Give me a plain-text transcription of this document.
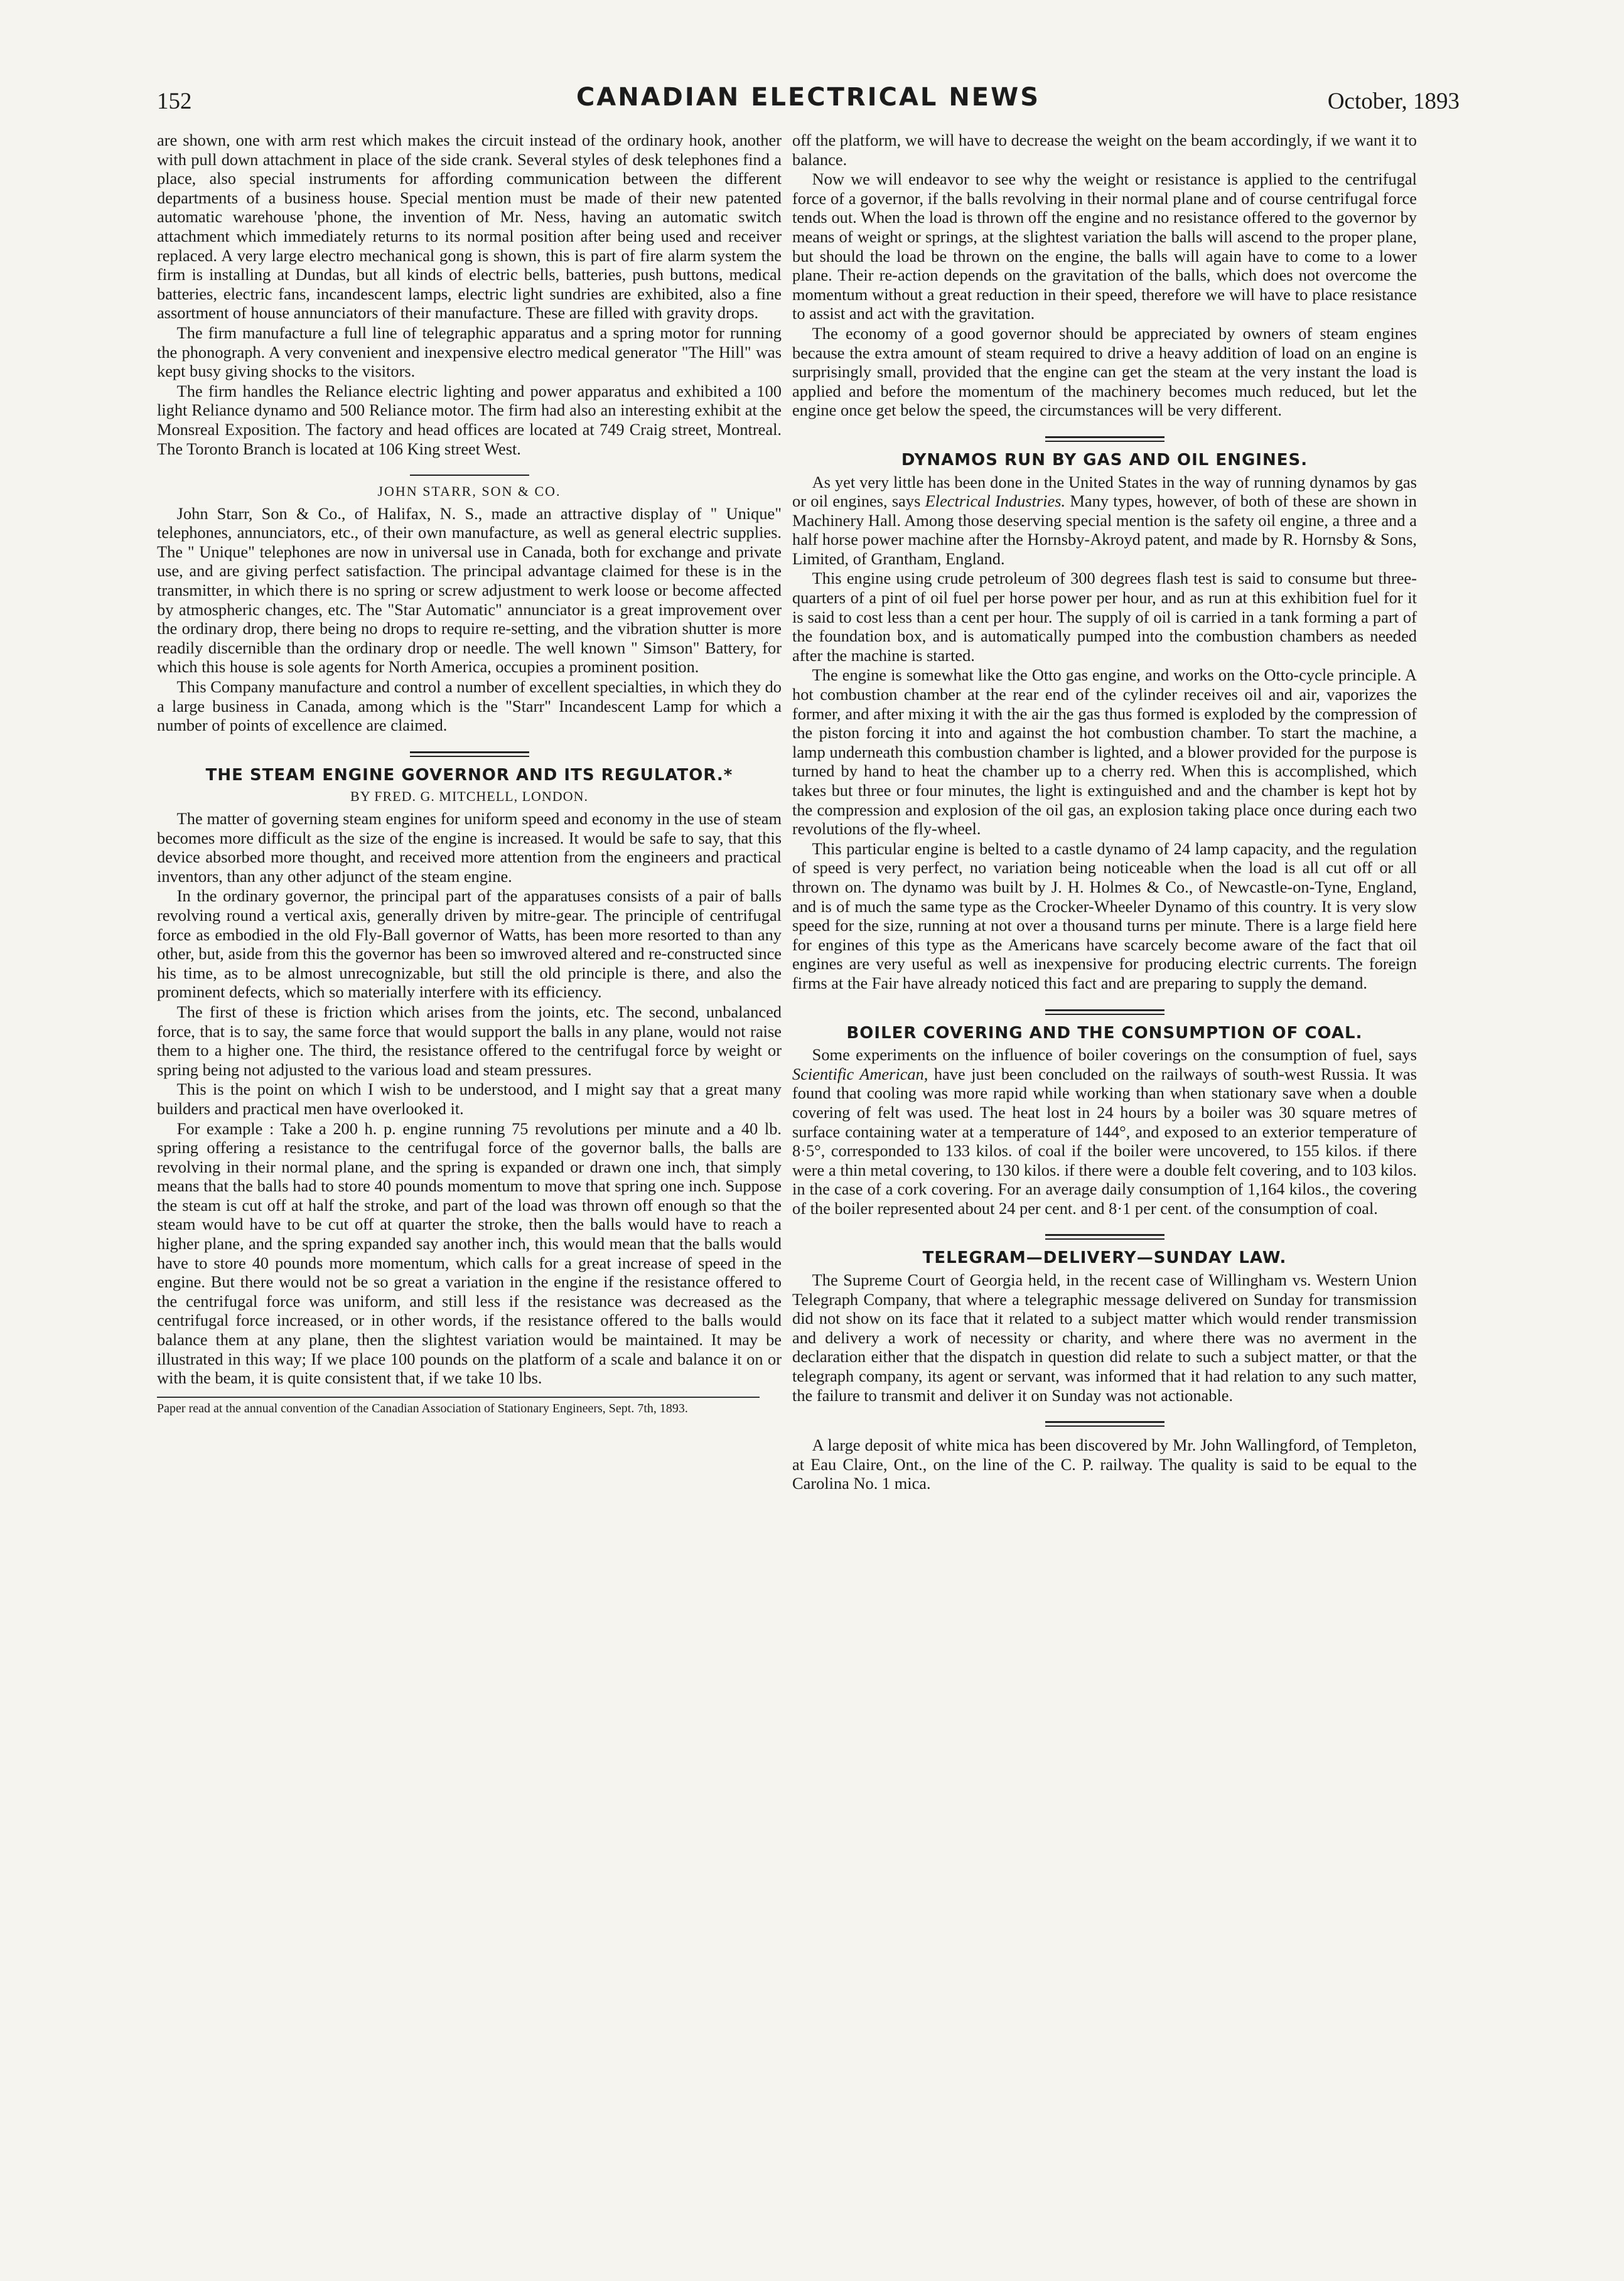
152	CANADIAN ELECTRICAL NEWS	October, 1893

are shown, one with arm rest which makes the circuit instead of the ordinary hook, another with pull down attachment in place of the side crank. Several styles of desk telephones find a place, also special instruments for affording communication between the different departments of a business house. Special mention must be made of their new patented automatic warehouse 'phone, the invention of Mr. Ness, having an automatic switch attachment which immediately returns to its normal position after being used and receiver replaced. A very large electro mechanical gong is shown, this is part of fire alarm system the firm is installing at Dundas, but all kinds of electric bells, batteries, push buttons, medical batteries, electric fans, incandescent lamps, electric light sundries are exhibited, also a fine assortment of house annunciators of their manufacture. These are filled with gravity drops.

The firm manufacture a full line of telegraphic apparatus and a spring motor for running the phonograph. A very convenient and inexpensive electro medical generator "The Hill" was kept busy giving shocks to the visitors.

The firm handles the Reliance electric lighting and power apparatus and exhibited a 100 light Reliance dynamo and 500 Reliance motor. The firm had also an interesting exhibit at the Monsreal Exposition. The factory and head offices are located at 749 Craig street, Montreal. The Toronto Branch is located at 106 King street West.

JOHN STARR, SON & CO.

John Starr, Son & Co., of Halifax, N. S., made an attractive display of " Unique" telephones, annunciators, etc., of their own manufacture, as well as general electric supplies. The " Unique" telephones are now in universal use in Canada, both for exchange and private use, and are giving perfect satisfaction. The principal advantage claimed for these is in the transmitter, in which there is no spring or screw adjustment to werk loose or become affected by atmospheric changes, etc. The "Star Automatic" annunciator is a great improvement over the ordinary drop, there being no drops to require re-setting, and the vibration shutter is more readily discernible than the ordinary drop or needle. The well known " Simson" Battery, for which this house is sole agents for North America, occupies a prominent position.

This Company manufacture and control a number of excellent specialties, in which they do a large business in Canada, among which is the "Starr" Incandescent Lamp for which a number of points of excellence are claimed.

THE STEAM ENGINE GOVERNOR AND ITS REGULATOR.*

BY FRED. G. MITCHELL, LONDON.

The matter of governing steam engines for uniform speed and economy in the use of steam becomes more difficult as the size of the engine is increased. It would be safe to say, that this device absorbed more thought, and received more attention from the engineers and practical inventors, than any other adjunct of the steam engine.

In the ordinary governor, the principal part of the apparatuses consists of a pair of balls revolving round a vertical axis, generally driven by mitre-gear. The principle of centrifugal force as embodied in the old Fly-Ball governor of Watts, has been more resorted to than any other, but, aside from this the governor has been so imwroved altered and re-constructed since his time, as to be almost unrecognizable, but still the old principle is there, and also the prominent defects, which so materially interfere with its efficiency.

The first of these is friction which arises from the joints, etc. The second, unbalanced force, that is to say, the same force that would support the balls in any plane, would not raise them to a higher one. The third, the resistance offered to the centrifugal force by weight or spring being not adjusted to the various load and steam pressures.

This is the point on which I wish to be understood, and I might say that a great many builders and practical men have overlooked it.

For example : Take a 200 h. p. engine running 75 revolutions per minute and a 40 lb. spring offering a resistance to the centrifugal force of the governor balls, the balls are revolving in their normal plane, and the spring is expanded or drawn one inch, that simply means that the balls had to store 40 pounds momentum to move that spring one inch. Suppose the steam is cut off at half the stroke, and part of the load was thrown off enough so that the steam would have to be cut off at quarter the stroke, then the balls would have to reach a higher plane, and the spring expanded say another inch, this would mean that the balls would have to store 40 pounds more momentum, which calls for a great increase of speed in the engine. But there would not be so great a variation in the engine if the resistance offered to the centrifugal force was uniform, and still less if the resistance was decreased as the centrifugal force increased, or in other words, if the resistance offered to the balls would balance them at any plane, then the slightest variation would be maintained. It may be illustrated in this way; If we place 100 pounds on the platform of a scale and balance it on or with the beam, it is quite consistent that, if we take 10 lbs.

Paper read at the annual convention of the Canadian Association of Stationary Engineers, Sept. 7th, 1893.

off the platform, we will have to decrease the weight on the beam accordingly, if we want it to balance.

Now we will endeavor to see why the weight or resistance is applied to the centrifugal force of a governor, if the balls revolving in their normal plane and of course centrifugal force tends out. When the load is thrown off the engine and no resistance offered to the governor by means of weight or springs, at the slightest variation the balls will ascend to the proper plane, but should the load be thrown on the engine, the balls will again have to come to a lower plane. Their re-action depends on the gravitation of the balls, which does not overcome the momentum without a great reduction in their speed, therefore we will have to place resistance to assist and act with the gravitation.

The economy of a good governor should be appreciated by owners of steam engines because the extra amount of steam required to drive a heavy addition of load on an engine is surprisingly small, provided that the engine can get the steam at the very instant the load is applied and before the momentum of the machinery becomes much reduced, but let the engine once get below the speed, the circumstances will be very different.

DYNAMOS RUN BY GAS AND OIL ENGINES.

As yet very little has been done in the United States in the way of running dynamos by gas or oil engines, says Electrical Industries. Many types, however, of both of these are shown in Machinery Hall. Among those deserving special mention is the safety oil engine, a three and a half horse power machine after the Hornsby-Akroyd patent, and made by R. Hornsby & Sons, Limited, of Grantham, England.

This engine using crude petroleum of 300 degrees flash test is said to consume but three-quarters of a pint of oil fuel per horse power per hour, and as run at this exhibition fuel for it is said to cost less than a cent per hour. The supply of oil is carried in a tank forming a part of the foundation box, and is automatically pumped into the combustion chambers as needed after the machine is started.

The engine is somewhat like the Otto gas engine, and works on the Otto-cycle principle. A hot combustion chamber at the rear end of the cylinder receives oil and air, vaporizes the former, and after mixing it with the air the gas thus formed is exploded by the compression of the piston forcing it into and against the hot combustion chamber. To start the machine, a lamp underneath this combustion chamber is lighted, and a blower provided for the purpose is turned by hand to heat the chamber up to a cherry red. When this is accomplished, which takes but three or four minutes, the light is extinguished and and the chamber is kept hot by the compression and explosion of the oil gas, an explosion taking place once during each two revolutions of the fly-wheel.

This particular engine is belted to a castle dynamo of 24 lamp capacity, and the regulation of speed is very perfect, no variation being noticeable when the load is all cut off or all thrown on. The dynamo was built by J. H. Holmes & Co., of Newcastle-on-Tyne, England, and is of much the same type as the Crocker-Wheeler Dynamo of this country. It is very slow speed for the size, running at not over a thousand turns per minute. There is a large field here for engines of this type as the Americans have scarcely become aware of the fact that oil engines are very useful as well as inexpensive for producing electric currents. The foreign firms at the Fair have already noticed this fact and are preparing to supply the demand.

BOILER COVERING AND THE CONSUMPTION OF COAL.

Some experiments on the influence of boiler coverings on the consumption of fuel, says Scientific American, have just been concluded on the railways of south-west Russia. It was found that cooling was more rapid while working than when stationary save when a double covering of felt was used. The heat lost in 24 hours by a boiler was 30 square metres of surface containing water at a temperature of 144°, and exposed to an exterior temperature of 8·5°, corresponded to 133 kilos. of coal if the boiler were uncovered, to 155 kilos. if there were a thin metal covering, to 130 kilos. if there were a double felt covering, and to 103 kilos. in the case of a cork covering. For an average daily consumption of 1,164 kilos., the covering of the boiler represented about 24 per cent. and 8·1 per cent. of the consumption of coal.

TELEGRAM—DELIVERY—SUNDAY LAW.

The Supreme Court of Georgia held, in the recent case of Willingham vs. Western Union Telegraph Company, that where a telegraphic message delivered on Sunday for transmission did not show on its face that it related to a subject matter which would render transmission and delivery a work of necessity or charity, and where there was no averment in the declaration either that the dispatch in question did relate to such a subject matter, or that the telegraph company, its agent or servant, was informed that it had relation to any such matter, the failure to transmit and deliver it on Sunday was not actionable.

A large deposit of white mica has been discovered by Mr. John Wallingford, of Templeton, at Eau Claire, Ont., on the line of the C. P. railway. The quality is said to be equal to the Carolina No. 1 mica.
